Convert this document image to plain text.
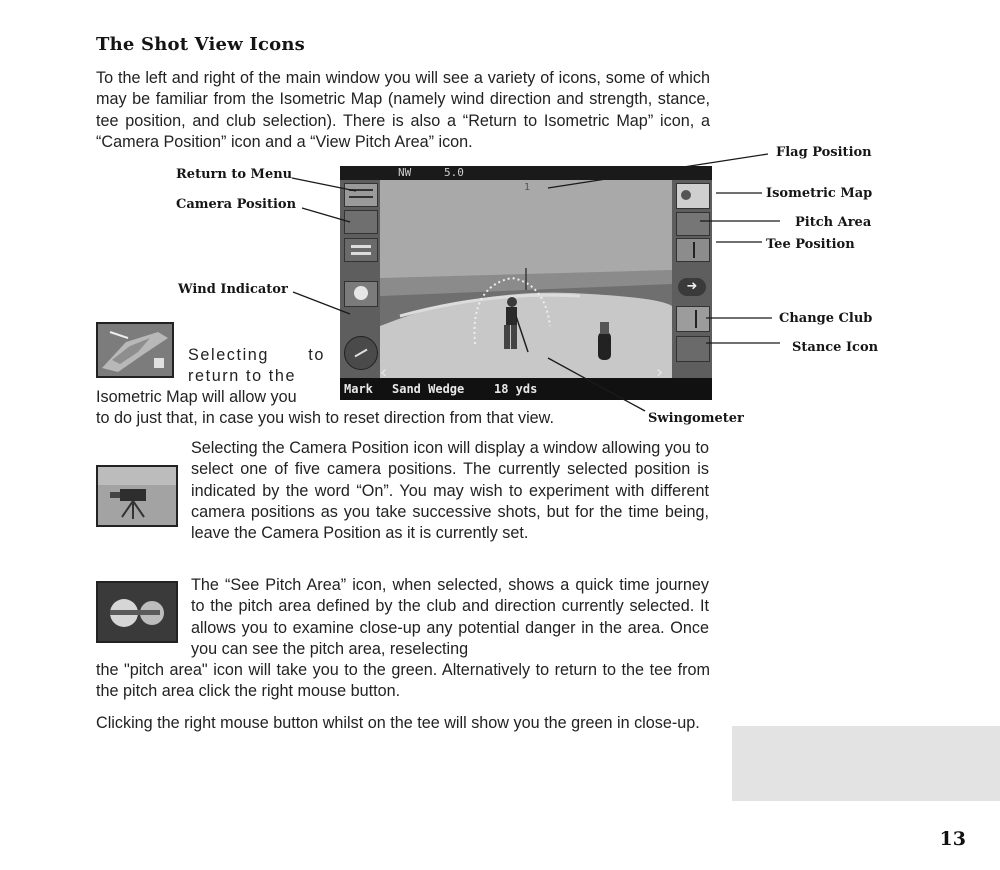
The Shot View Icons

To the left and right of the main window you will see a variety of icons, some of which may be familiar from the Isometric Map (namely wind direction and strength, stance, tee position, and club selection). There is also a “Return to Isometric Map” icon, a “Camera Position” icon and a “View Pitch Area” icon.

NW	5.0
1
‹
➜
›
Mark Sand Wedge 18 yds
Return to Menu
Camera Position
Wind Indicator
Flag Position
Isometric Map
Pitch Area
Tee Position
Change Club
Stance Icon
Swingometer

Selecting to return to the

Isometric Map will allow you

to do just that, in case you wish to reset direction from that view.

Selecting the Camera Position icon will display a window allowing you to select one of five camera positions. The currently selected position is indicated by the word “On”. You may wish to experiment with different camera positions as you take successive shots, but for the time being, leave the Camera Position as it is currently set.

The “See Pitch Area” icon, when selected, shows a quick time journey to the pitch area defined by the club and direction currently selected. It allows you to examine close-up any potential danger in the area. Once you can see the pitch area, reselecting

the "pitch area" icon will take you to the green. Alternatively to return to the tee from the pitch area click the right mouse button.

Clicking the right mouse button whilst on the tee will show you the green in close-up.

13
